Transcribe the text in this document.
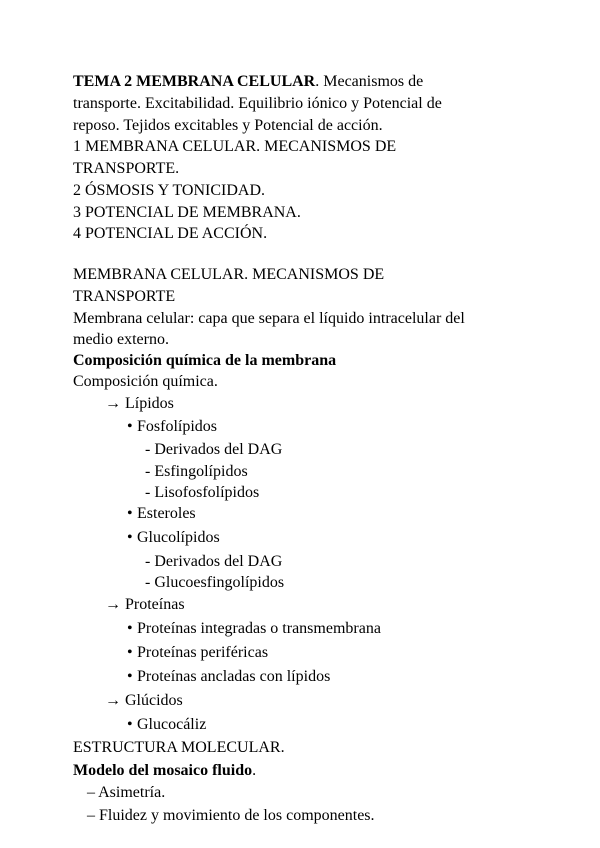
TEMA 2 MEMBRANA CELULAR. Mecanismos de
transporte. Excitabilidad. Equilibrio iónico y Potencial de
reposo. Tejidos excitables y Potencial de acción.
1 MEMBRANA CELULAR. MECANISMOS DE
TRANSPORTE.
2 ÓSMOSIS Y TONICIDAD.
3 POTENCIAL DE MEMBRANA.
4 POTENCIAL DE ACCIÓN.
MEMBRANA CELULAR. MECANISMOS DE
TRANSPORTE
Membrana celular: capa que separa el líquido intracelular del
medio externo.
Composición química de la membrana
Composición química.
→ Lípidos
• Fosfolípidos
- Derivados del DAG
- Esfingolípidos
- Lisofosfolípidos
• Esteroles
• Glucolípidos
- Derivados del DAG
- Glucoesfingolípidos
→ Proteínas
• Proteínas integradas o transmembrana
• Proteínas periféricas
• Proteínas ancladas con lípidos
→ Glúcidos
• Glucocáliz
ESTRUCTURA MOLECULAR.
Modelo del mosaico fluido.
– Asimetría.
– Fluidez y movimiento de los componentes.
